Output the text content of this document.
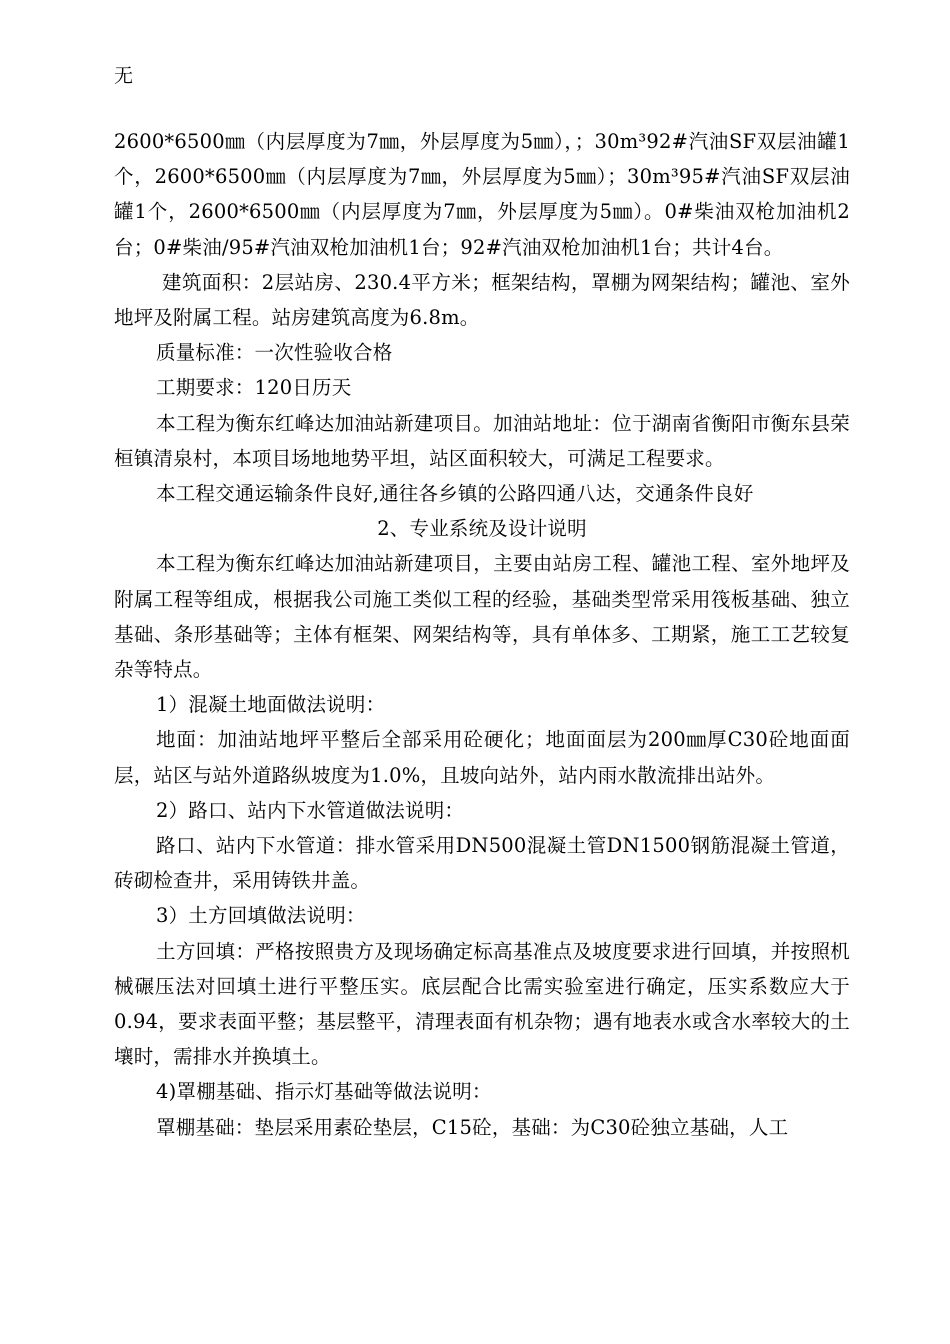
无

2600*6500㎜（内层厚度为7㎜，外层厚度为5㎜），；30m³92#汽油SF双层油罐1个，2600*6500㎜（内层厚度为7㎜，外层厚度为5㎜）；30m³95#汽油SF双层油罐1个，2600*6500㎜（内层厚度为7㎜，外层厚度为5㎜）。0#柴油双枪加油机2台；0#柴油/95#汽油双枪加油机1台；92#汽油双枪加油机1台；共计4台。

建筑面积：2层站房、230.4平方米；框架结构，罩棚为网架结构；罐池、室外地坪及附属工程。站房建筑高度为6.8m。

质量标准：一次性验收合格

工期要求：120日历天

本工程为衡东红峰达加油站新建项目。加油站地址：位于湖南省衡阳市衡东县荣桓镇清泉村，本项目场地地势平坦，站区面积较大，可满足工程要求。

本工程交通运输条件良好,通往各乡镇的公路四通八达，交通条件良好

2、专业系统及设计说明

本工程为衡东红峰达加油站新建项目，主要由站房工程、罐池工程、室外地坪及附属工程等组成，根据我公司施工类似工程的经验，基础类型常采用筏板基础、独立基础、条形基础等；主体有框架、网架结构等，具有单体多、工期紧，施工工艺较复杂等特点。

1）混凝土地面做法说明：

地面：加油站地坪平整后全部采用砼硬化；地面面层为200㎜厚C30砼地面面层，站区与站外道路纵坡度为1.0%，且坡向站外，站内雨水散流排出站外。

2）路口、站内下水管道做法说明：

路口、站内下水管道：排水管采用DN500混凝土管DN1500钢筋混凝土管道，砖砌检查井，采用铸铁井盖。

3）土方回填做法说明：

土方回填：严格按照贵方及现场确定标高基准点及坡度要求进行回填，并按照机械碾压法对回填土进行平整压实。底层配合比需实验室进行确定，压实系数应大于0.94，要求表面平整；基层整平，清理表面有机杂物；遇有地表水或含水率较大的土壤时，需排水并换填土。

4)罩棚基础、指示灯基础等做法说明：

罩棚基础：垫层采用素砼垫层，C15砼，基础：为C30砼独立基础，人工
